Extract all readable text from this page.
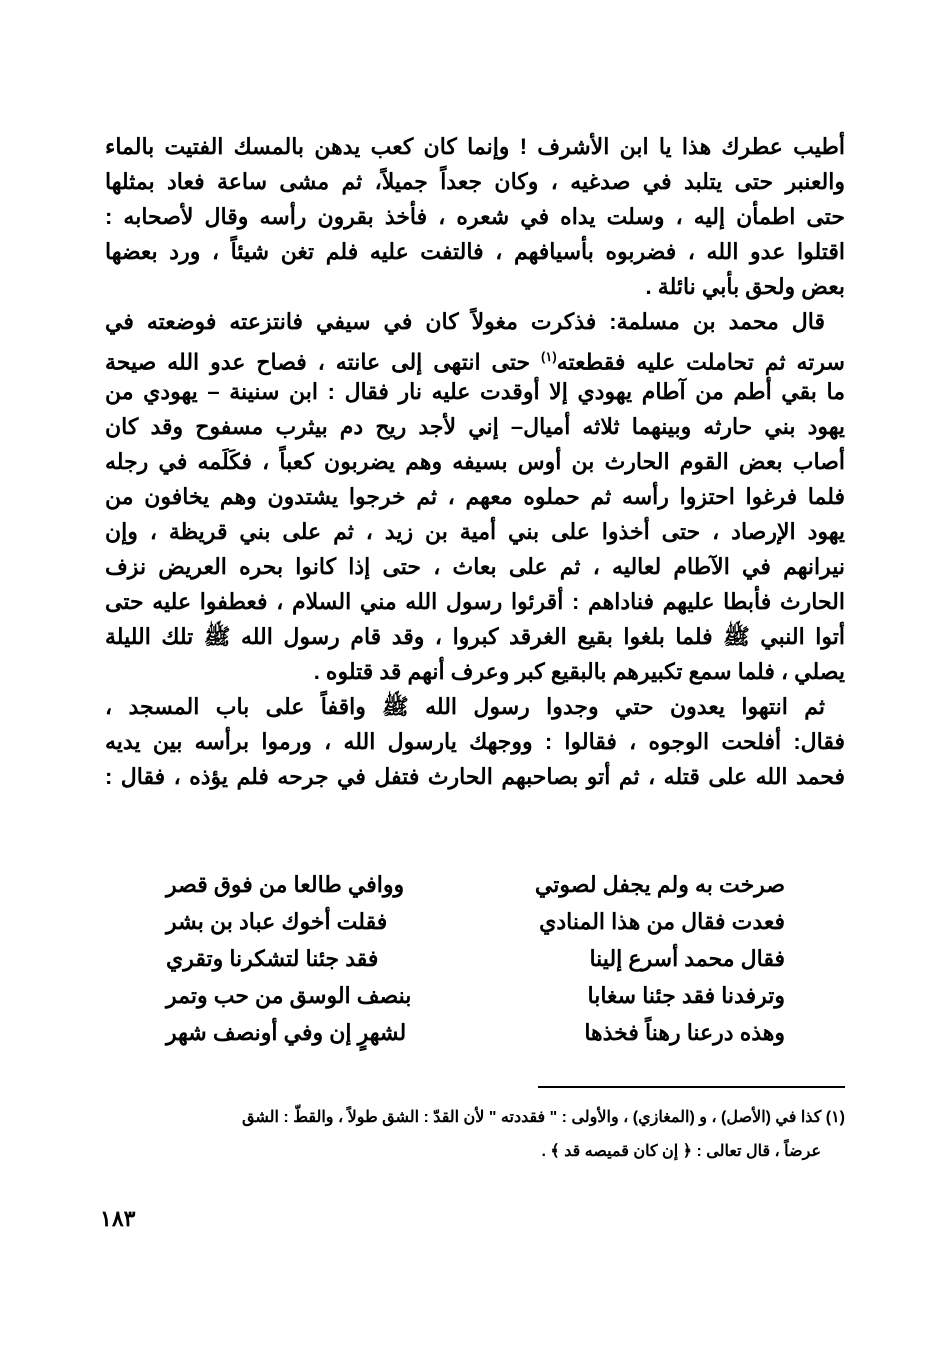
أطيب عطرك هذا يا ابن الأشرف ! وإنما كان كعب يدهن بالمسك الفتيت بالماء
والعنبر حتى يتلبد في صدغيه ، وكان جعداً جميلاً، ثم مشى ساعة فعاد بمثلها
حتى اطمأن إليه ، وسلت يداه في شعره ، فأخذ بقرون رأسه وقال لأصحابه :
اقتلوا عدو الله ، فضربوه بأسيافهم ، فالتفت عليه فلم تغن شيئاً ، ورد بعضها
بعض ولحق بأبي نائلة .
قال محمد بن مسلمة: فذكرت مغولاً كان في سيفي فانتزعته فوضعته في
سرته ثم تحاملت عليه فقطعته$^{(١)}$ حتى انتهى إلى عانته ، فصاح عدو الله صيحة
ما بقي أطم من آطام يهودي إلا أوقدت عليه نار فقال : ابن سنينة – يهودي من
يهود بني حارثه وبينهما ثلاثه أميال– إني لأجد ريح دم بيثرب مسفوح وقد كان
أصاب بعض القوم الحارث بن أوس بسيفه وهم يضربون كعباً ، فكَلَمه في رجله
فلما فرغوا احتزوا رأسه ثم حملوه معهم ، ثم خرجوا يشتدون وهم يخافون من
يهود الإرصاد ، حتى أخذوا على بني أمية بن زيد ، ثم على بني قريظة ، وإن
نيرانهم في الآطام لعاليه ، ثم على بعاث ، حتى إذا كانوا بحره العريض نزف
الحارث فأبطا عليهم فناداهم : أقرئوا رسول الله مني السلام ، فعطفوا عليه حتى
أتوا النبي ﷺ فلما بلغوا بقيع الغرقد كبروا ، وقد قام رسول الله ﷺ تلك الليلة
يصلي ، فلما سمع تكبيرهم بالبقيع كبر وعرف أنهم قد قتلوه .
ثم انتهوا يعدون حتي وجدوا رسول الله ﷺ واقفاً على باب المسجد ،
فقال: أفلحت الوجوه ، فقالوا : ووجهك يارسول الله ، ورموا برأسه بين يديه
فحمد الله على قتله ، ثم أتو بصاحبهم الحارث فتفل في جرحه فلم يؤذه ، فقال :
صرخت به ولم يجفل لصوتي
ووافي طالعا من فوق قصر
فعدت فقال من هذا المنادي
فقلت أخوك عباد بن بشر
فقال محمد أسرع إلينا
فقد جئنا لتشكرنا وتقري
وترفدنا فقد جئنا سغابا
بنصف الوسق من حب وتمر
وهذه درعنا رهناً فخذها
لشهرٍ إن وفي أونصف شهر
(١) كذا في (الأصل) ، و (المغازي) ، والأولى : " فقددته " لأن القدّ : الشق طولاً ، والقطّ : الشق
عرضاً ، قال تعالى : ﴿ إن كان قميصه قد ﴾ .
١٨٣
